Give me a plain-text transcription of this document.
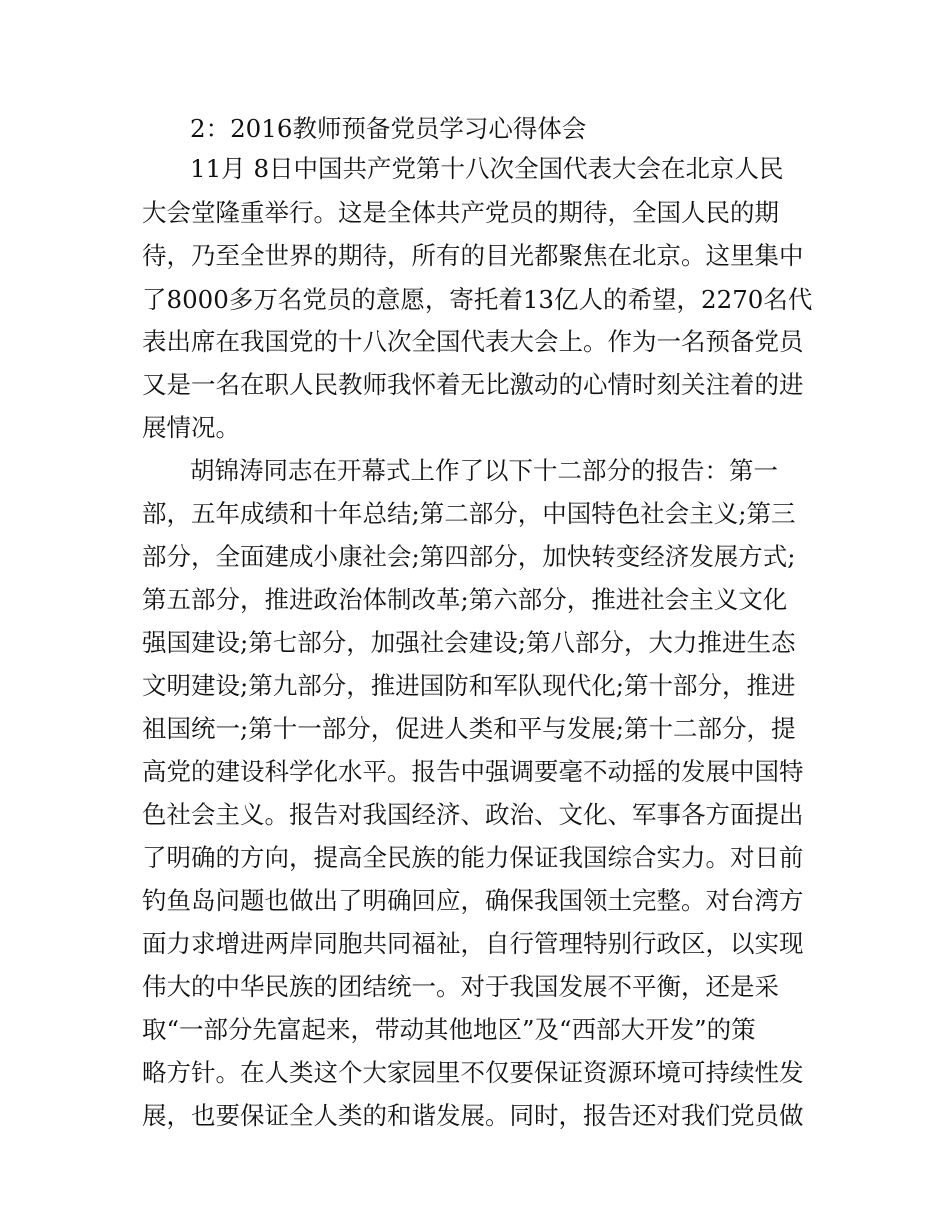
2：2016教师预备党员学习心得体会

11月 8日中国共产党第十八次全国代表大会在北京人民

大会堂隆重举行。这是全体共产党员的期待，全国人民的期

待，乃至全世界的期待，所有的目光都聚焦在北京。这里集中

了8000多万名党员的意愿，寄托着13亿人的希望，2270名代

表出席在我国党的十八次全国代表大会上。作为一名预备党员

又是一名在职人民教师我怀着无比激动的心情时刻关注着的进

展情况。

胡锦涛同志在开幕式上作了以下十二部分的报告：第一

部，五年成绩和十年总结;第二部分，中国特色社会主义;第三

部分，全面建成小康社会;第四部分，加快转变经济发展方式;

第五部分，推进政治体制改革;第六部分，推进社会主义文化

强国建设;第七部分，加强社会建设;第八部分，大力推进生态

文明建设;第九部分，推进国防和军队现代化;第十部分，推进

祖国统一;第十一部分，促进人类和平与发展;第十二部分，提

高党的建设科学化水平。报告中强调要毫不动摇的发展中国特

色社会主义。报告对我国经济、政治、文化、军事各方面提出

了明确的方向，提高全民族的能力保证我国综合实力。对日前

钓鱼岛问题也做出了明确回应，确保我国领土完整。对台湾方

面力求增进两岸同胞共同福祉，自行管理特别行政区，以实现

伟大的中华民族的团结统一。对于我国发展不平衡，还是采

取“一部分先富起来，带动其他地区”及“西部大开发”的策

略方针。在人类这个大家园里不仅要保证资源环境可持续性发

展，也要保证全人类的和谐发展。同时，报告还对我们党员做
